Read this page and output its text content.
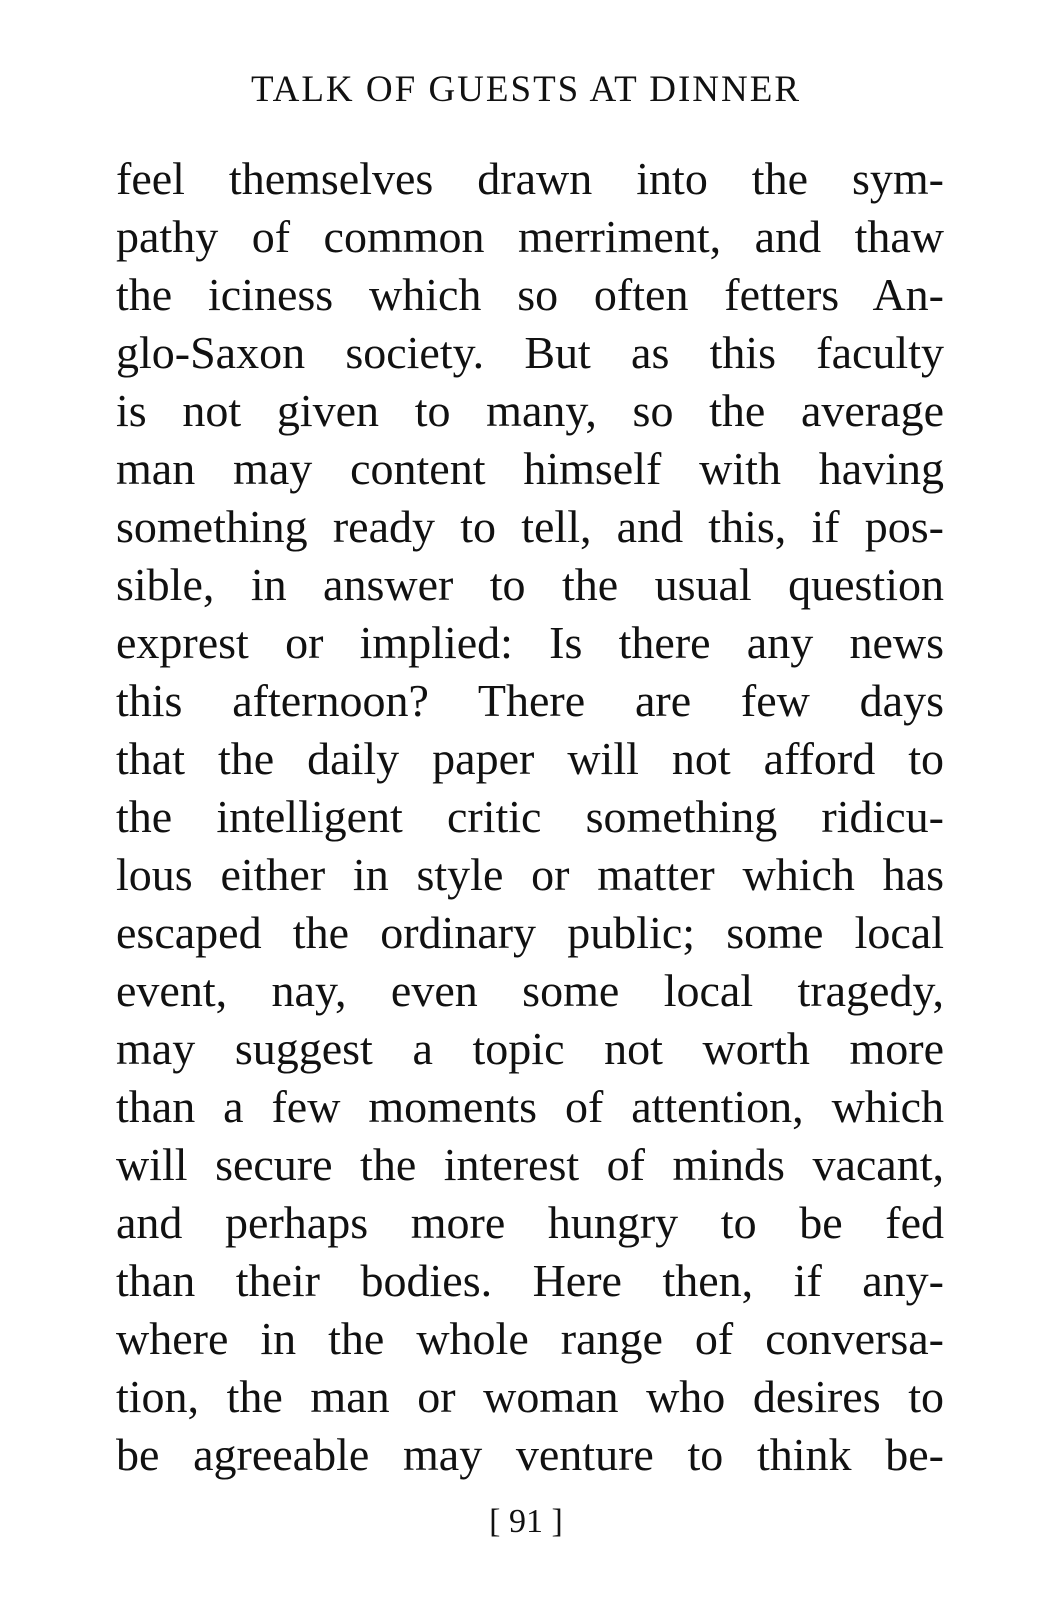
TALK OF GUESTS AT DINNER
feel themselves drawn into the sym-
pathy of common merriment, and thaw
the iciness which so often fetters An-
glo-Saxon society. But as this faculty
is not given to many, so the average
man may content himself with having
something ready to tell, and this, if pos-
sible, in answer to the usual question
exprest or implied: Is there any news
this afternoon? There are few days
that the daily paper will not afford to
the intelligent critic something ridicu-
lous either in style or matter which has
escaped the ordinary public; some local
event, nay, even some local tragedy,
may suggest a topic not worth more
than a few moments of attention, which
will secure the interest of minds vacant,
and perhaps more hungry to be fed
than their bodies. Here then, if any-
where in the whole range of conversa-
tion, the man or woman who desires to
be agreeable may venture to think be-
[ 91 ]
